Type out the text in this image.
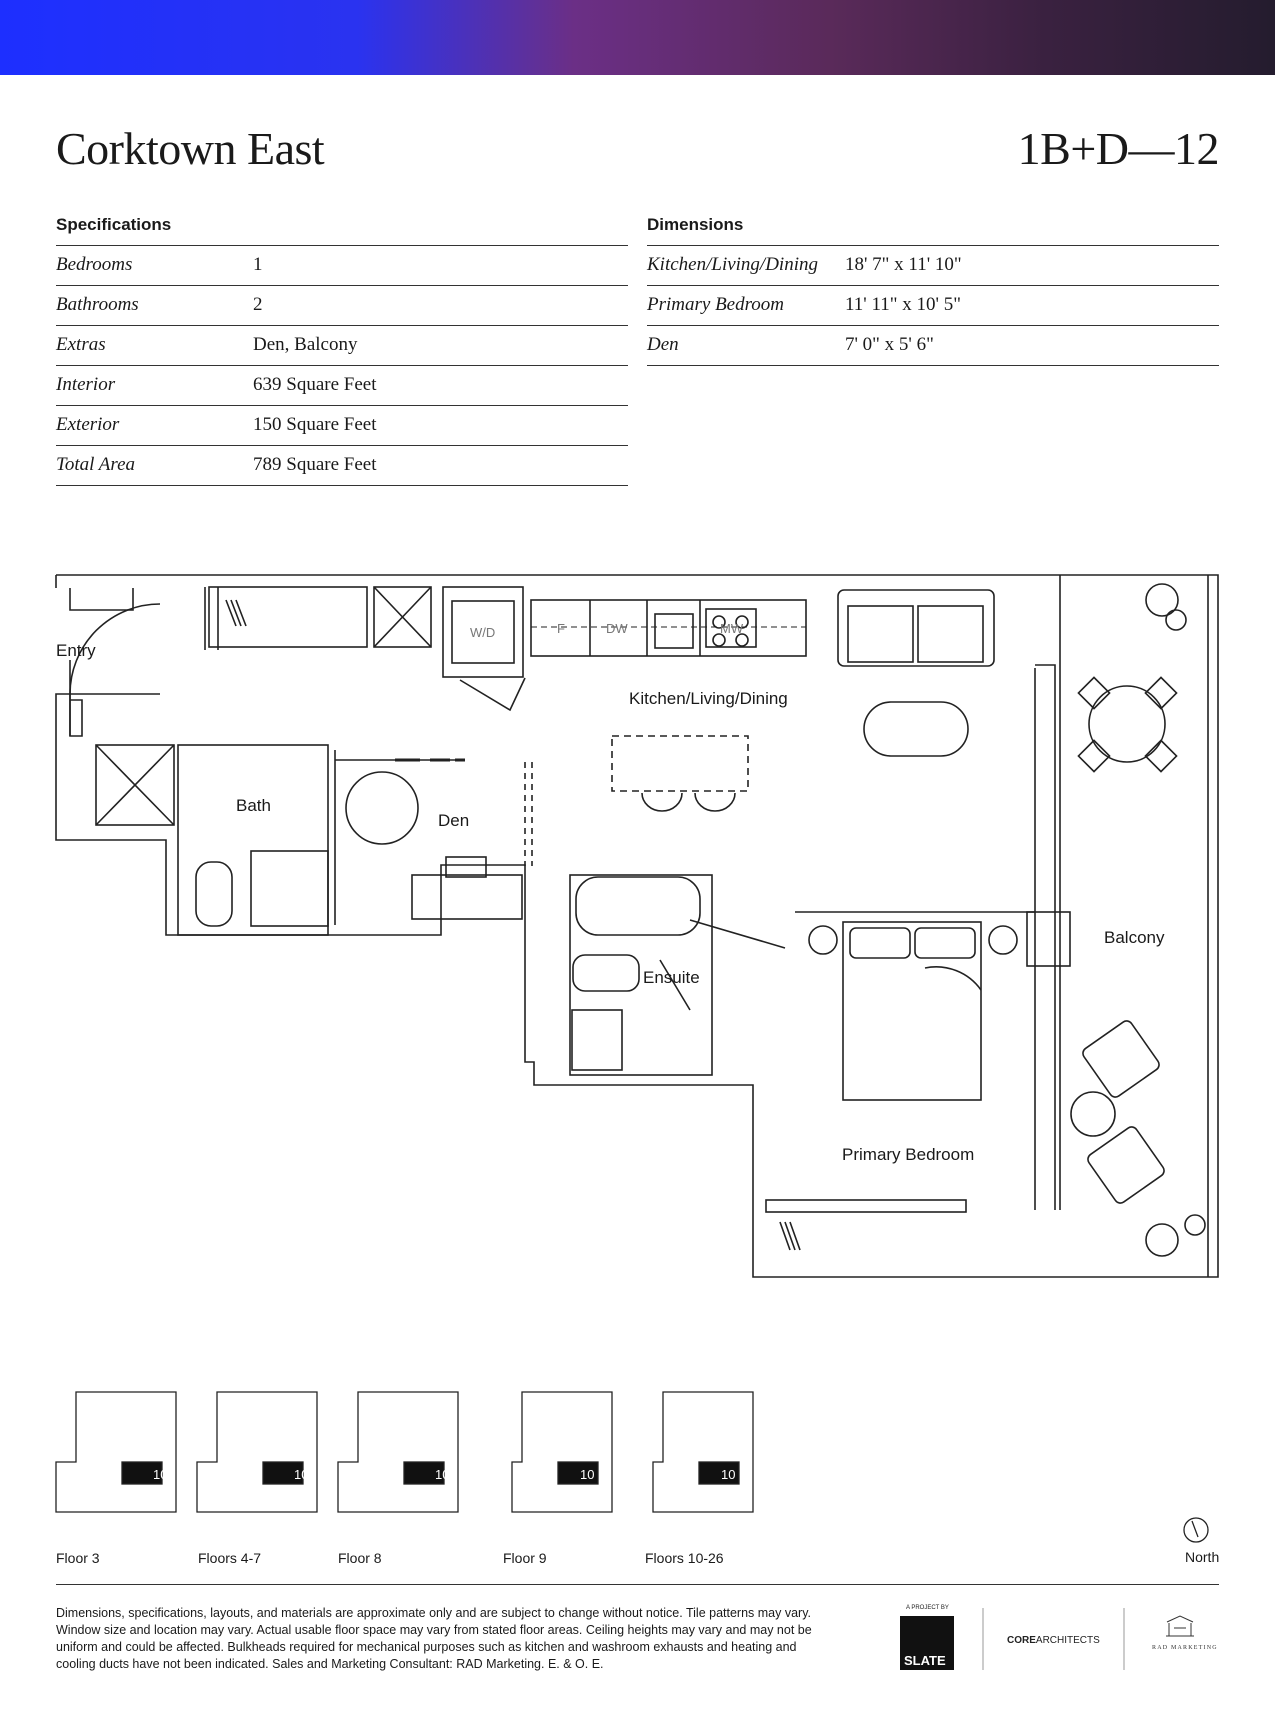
Corktown East	1B+D—12
Specifications
Bedrooms	1
Bathrooms	2
Extras	Den, Balcony
Interior	639 Square Feet
Exterior	150 Square Feet
Total Area	789 Square Feet
Dimensions
Kitchen/Living/Dining	18' 7" x 11' 10"
Primary Bedroom	11' 11" x 10' 5"
Den	7' 0" x 5' 6"
Entry
Kitchen/Living/Dining
Bath
Den
Ensuite
Balcony
Primary Bedroom
W/D	F	DW	MW
10	10	10	10	10
Floor 3	Floors 4-7	Floor 8	Floor 9	Floors 10-26	North
Dimensions, specifications, layouts, and materials are approximate only and are subject to change without notice. Tile patterns may vary. Window size and location may vary. Actual usable floor space may vary from stated floor areas. Ceiling heights may vary and may not be uniform and could be affected. Bulkheads required for mechanical purposes such as kitchen and washroom exhausts and heating and cooling ducts have not been indicated. Sales and Marketing Consultant: RAD Marketing. E. & O. E.
A PROJECT BY
SLATE
COREARCHITECTS
RAD MARKETING
